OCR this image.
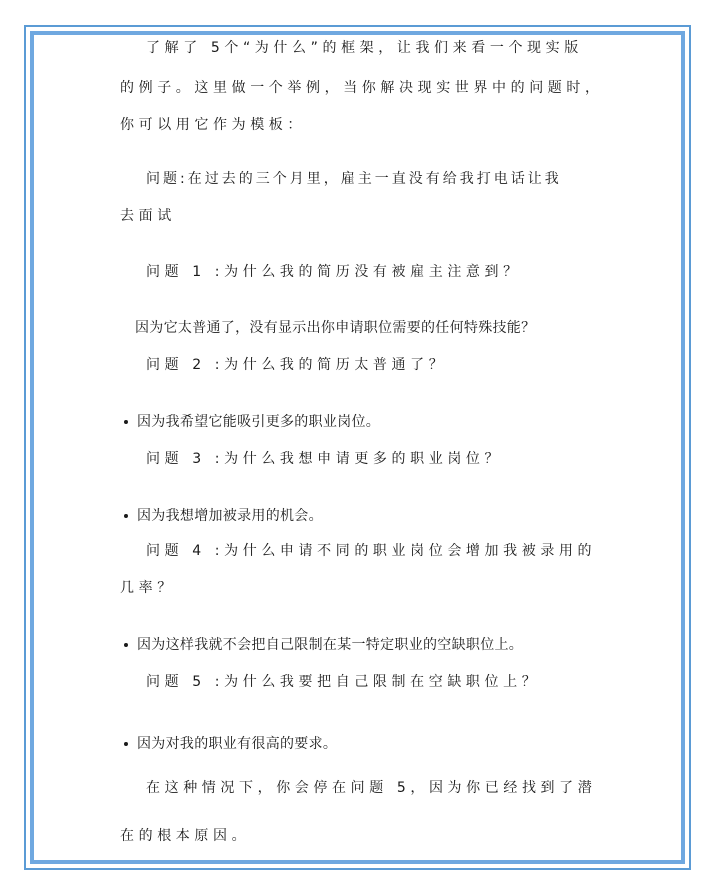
了解了 5个“为什么”的框架，让我们来看一个现实版
的例子。这里做一个举例，当你解决现实世界中的问题时，
你可以用它作为模板：
问题:在过去的三个月里，雇主一直没有给我打电话让我
去面试
问题 1 :为什么我的简历没有被雇主注意到？
因为它太普通了，没有显示出你申请职位需要的任何特殊技能？
问题 2 :为什么我的简历太普通了？
因为我希望它能吸引更多的职业岗位。
问题 3 :为什么我想申请更多的职业岗位？
因为我想增加被录用的机会。
问题 4 :为什么申请不同的职业岗位会增加我被录用的
几率？
因为这样我就不会把自己限制在某一特定职业的空缺职位上。
问题 5 :为什么我要把自己限制在空缺职位上？
因为对我的职业有很高的要求。
在这种情况下，你会停在问题 5，因为你已经找到了潜
在的根本原因。
